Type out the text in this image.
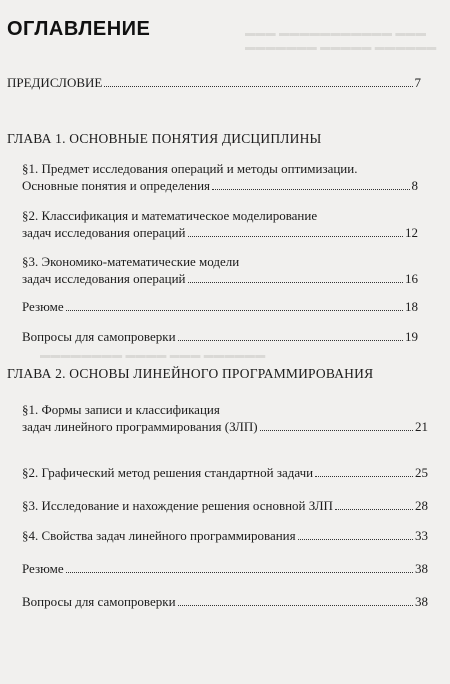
▬▬▬ ▬▬▬▬▬▬▬▬▬▬▬ ▬▬▬
▬▬▬▬▬▬▬ ▬▬▬▬▬ ▬▬▬▬▬▬
▬▬▬▬▬▬▬▬ ▬▬▬▬ ▬▬▬ ▬▬▬▬▬▬
ОГЛАВЛЕНИЕ
ПРЕДИСЛОВИЕ	7
ГЛАВА 1. ОСНОВНЫЕ ПОНЯТИЯ ДИСЦИПЛИНЫ
§1. Предмет исследования операций и методы оптимизации.
Основные понятия и определения	8
§2. Классификация и математическое моделирование
задач исследования операций	12
§3. Экономико-математические модели
задач исследования операций	16
Резюме	18
Вопросы для самопроверки	19
ГЛАВА 2. ОСНОВЫ ЛИНЕЙНОГО ПРОГРАММИРОВАНИЯ
§1. Формы записи и классификация
задач линейного программирования (ЗЛП)	21
§2. Графический метод решения стандартной задачи	25
§3. Исследование и нахождение решения основной ЗЛП	28
§4. Свойства задач линейного программирования	33
Резюме	38
Вопросы для самопроверки	38
